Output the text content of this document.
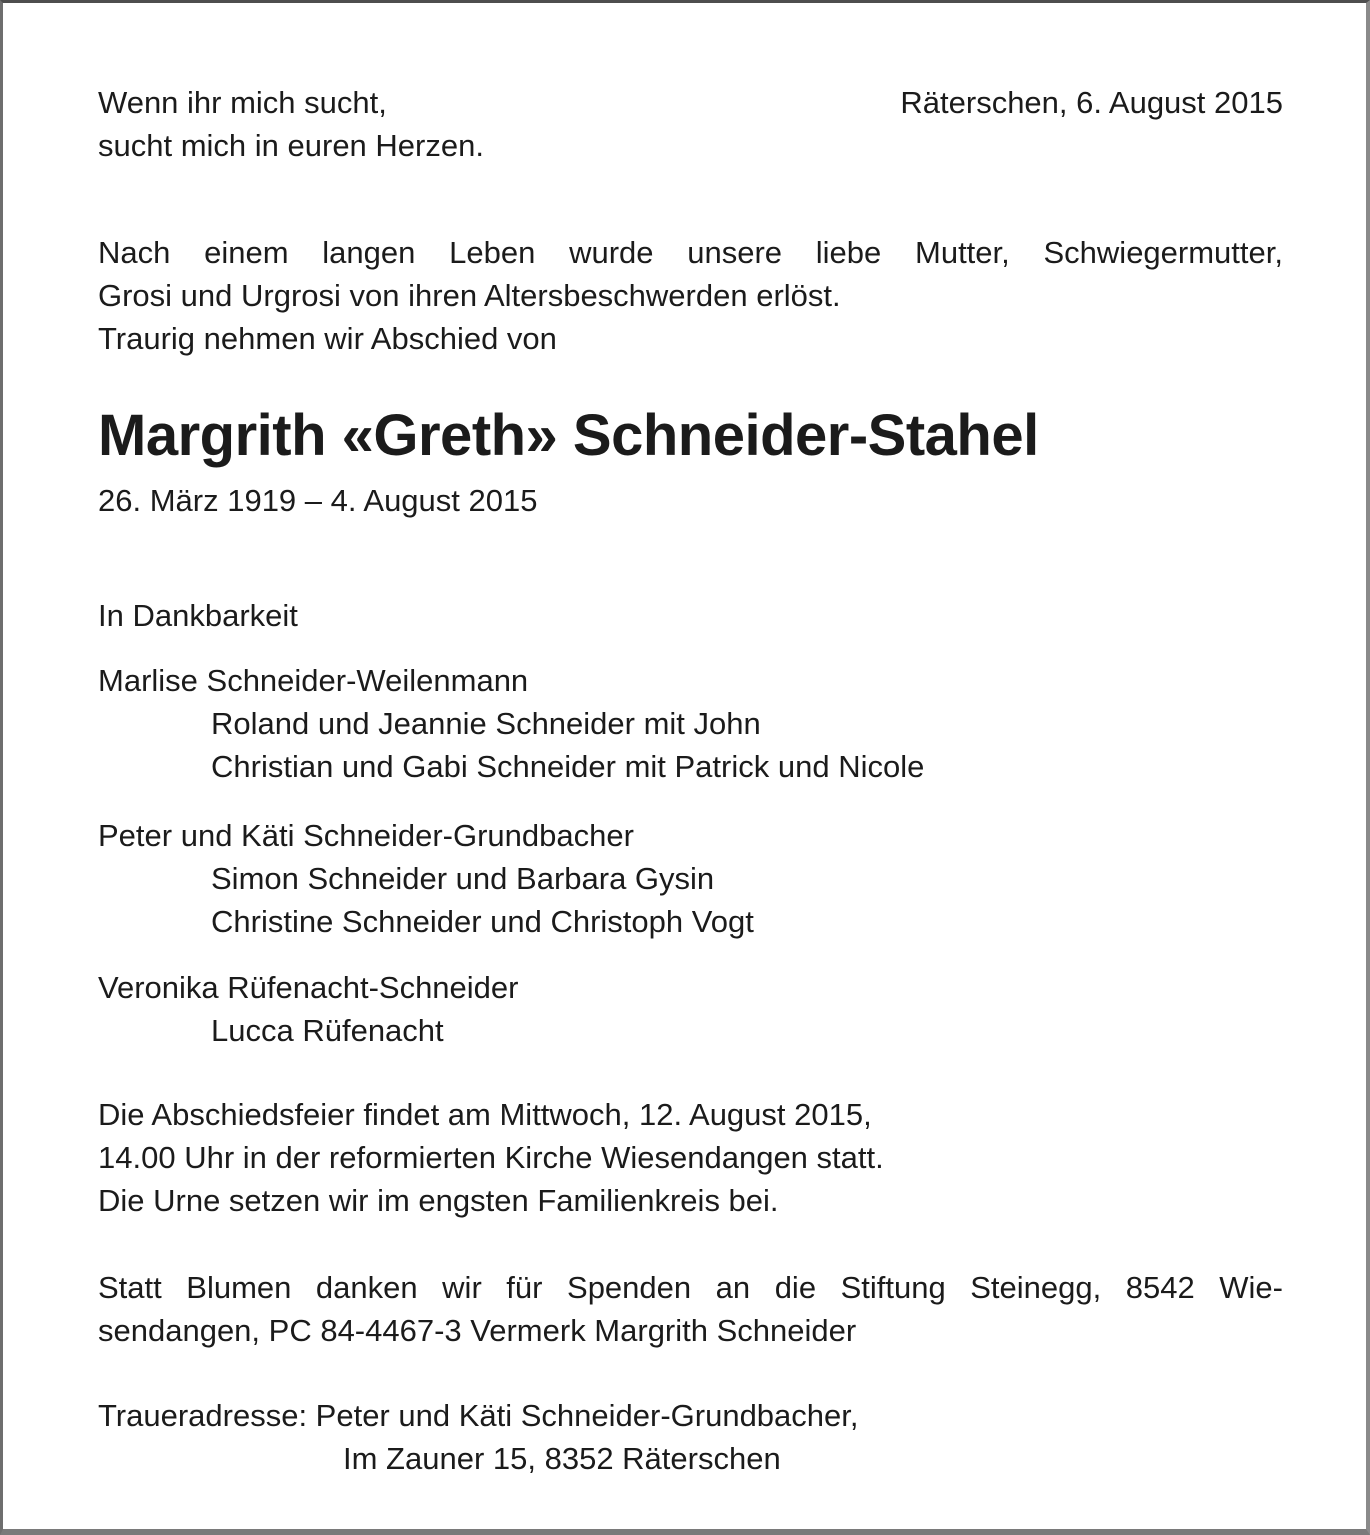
Wenn ihr mich sucht,
sucht mich in euren Herzen.
Räterschen, 6. August 2015
Nach einem langen Leben wurde unsere liebe Mutter, Schwiegermutter,
Grosi und Urgrosi von ihren Altersbeschwerden erlöst.
Traurig nehmen wir Abschied von
Margrith «Greth» Schneider-Stahel
26. März 1919 – 4. August 2015
In Dankbarkeit
Marlise Schneider-Weilenmann
Roland und Jeannie Schneider mit John
Christian und Gabi Schneider mit Patrick und Nicole
Peter und Käti Schneider-Grundbacher
Simon Schneider und Barbara Gysin
Christine Schneider und Christoph Vogt
Veronika Rüfenacht-Schneider
Lucca Rüfenacht
Die Abschiedsfeier findet am Mittwoch, 12. August 2015,
14.00 Uhr in der reformierten Kirche Wiesendangen statt.
Die Urne setzen wir im engsten Familienkreis bei.
Statt Blumen danken wir für Spenden an die Stiftung Steinegg, 8542 Wie-
sendangen, PC 84-4467-3 Vermerk Margrith Schneider
Traueradresse: Peter und Käti Schneider-Grundbacher,
Im Zauner 15, 8352 Räterschen
